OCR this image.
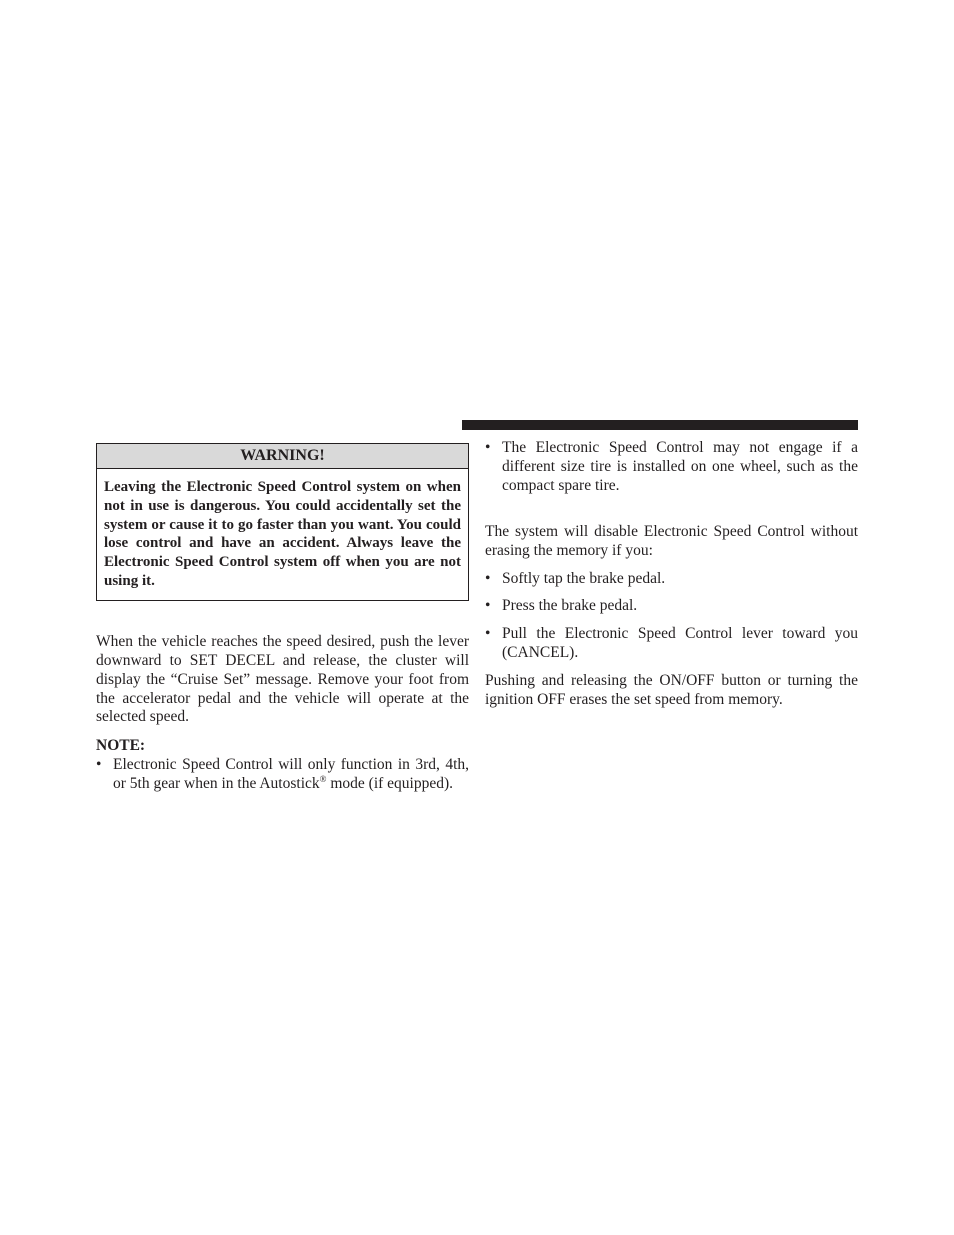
WARNING!
Leaving the Electronic Speed Control system on when not in use is dangerous. You could accidentally set the system or cause it to go faster than you want. You could lose control and have an accident. Always leave the Electronic Speed Control system off when you are not using it.

When the vehicle reaches the speed desired, push the lever downward to SET DECEL and release, the cluster will display the “Cruise Set” message. Remove your foot from the accelerator pedal and the vehicle will operate at the selected speed.

NOTE:
• Electronic Speed Control will only function in 3rd, 4th, or 5th gear when in the Autostick® mode (if equipped).
• The Electronic Speed Control may not engage if a different size tire is installed on one wheel, such as the compact spare tire.

The system will disable Electronic Speed Control without erasing the memory if you:

• Softly tap the brake pedal.
• Press the brake pedal.
• Pull the Electronic Speed Control lever toward you (CANCEL).

Pushing and releasing the ON/OFF button or turning the ignition OFF erases the set speed from memory.
